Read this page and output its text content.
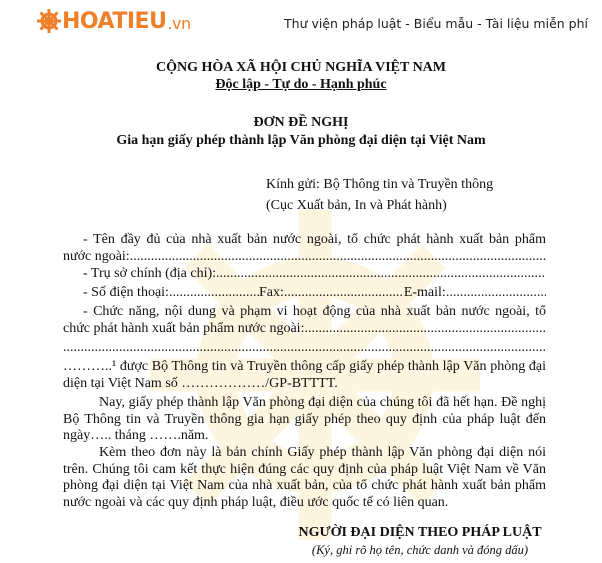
HOATIEU .vn	Thư viện pháp luật - Biểu mẫu - Tài liệu miễn phí
CỘNG HÒA XÃ HỘI CHỦ NGHĨA VIỆT NAM
Độc lập - Tự do - Hạnh phúc
ĐƠN ĐỀ NGHỊ
Gia hạn giấy phép thành lập Văn phòng đại diện tại Việt Nam
Kính gửi: Bộ Thông tin và Truyền thông
(Cục Xuất bản, In và Phát hành)
- Tên đầy đủ của nhà xuất bản nước ngoài, tổ chức phát hành xuất bản phẩm
nước ngoài:
.....
- Trụ sở chính (địa chỉ):
.....
- Số điện thoại: .....	Fax: .....	E-mail:
.....
- Chức năng, nội dung và phạm vi hoạt động của nhà xuất bản nước ngoài, tổ
chức phát hành xuất bản phẩm nước ngoài:
.....
.....
………..¹ được Bộ Thông tin và Truyền thông cấp giấy phép thành lập Văn phòng đại diện tại Việt Nam số ………………/GP-BTTTT.
Nay, giấy phép thành lập Văn phòng đại diện của chúng tôi đã hết hạn. Đề nghị Bộ Thông tin và Truyền thông gia hạn giấy phép theo quy định của pháp luật đến ngày….. tháng …….năm.
Kèm theo đơn này là bản chính Giấy phép thành lập Văn phòng đại diện nói trên. Chúng tôi cam kết thực hiện đúng các quy định của pháp luật Việt Nam về Văn phòng đại diện tại Việt Nam của nhà xuất bản, của tổ chức phát hành xuất bản phẩm nước ngoài và các quy định pháp luật, điều ước quốc tế có liên quan.
NGƯỜI ĐẠI DIỆN THEO PHÁP LUẬT
(Ký, ghi rõ họ tên, chức danh và đóng dấu)
